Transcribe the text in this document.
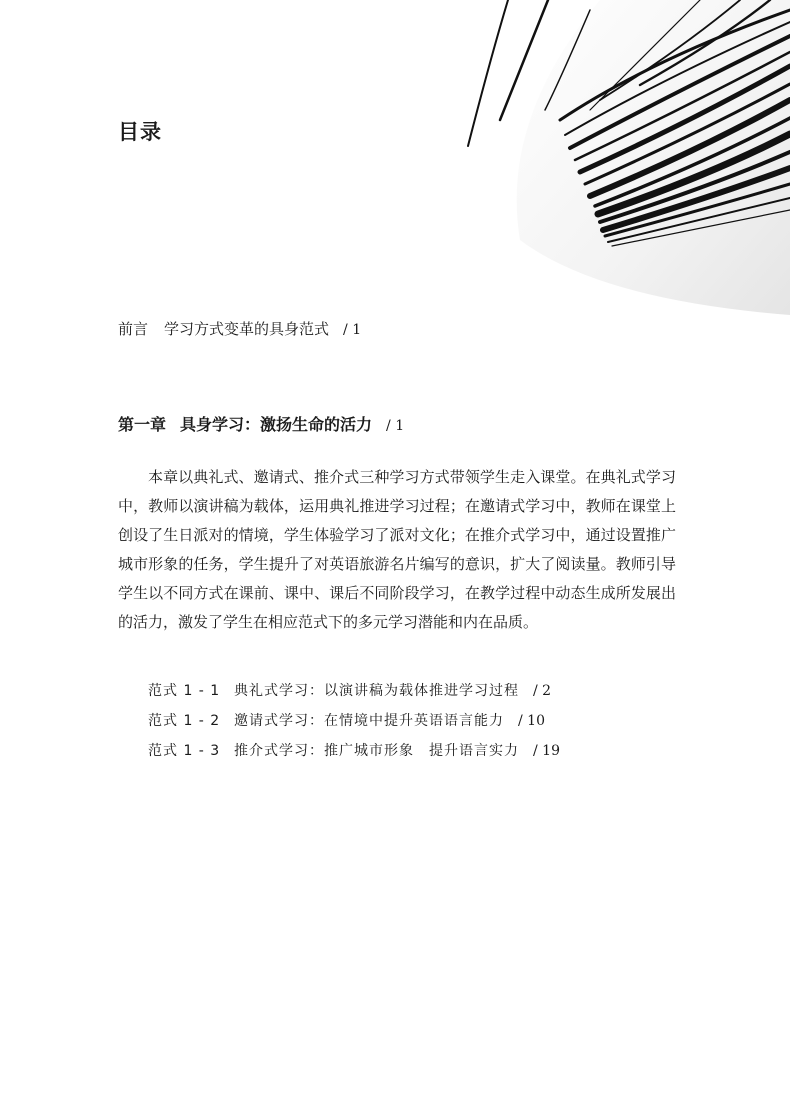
目录
前言 学习方式变革的具身范式 / 1
第一章 具身学习：激扬生命的活力 / 1

本章以典礼式、邀请式、推介式三种学习方式带领学生走入课堂。在典礼式学习中，教师以演讲稿为载体，运用典礼推进学习过程；在邀请式学习中，教师在课堂上创设了生日派对的情境，学生体验学习了派对文化；在推介式学习中，通过设置推广城市形象的任务，学生提升了对英语旅游名片编写的意识，扩大了阅读量。教师引导学生以不同方式在课前、课中、课后不同阶段学习，在教学过程中动态生成所发展出的活力，激发了学生在相应范式下的多元学习潜能和内在品质。

范式 1 - 1 典礼式学习：以演讲稿为载体推进学习过程 / 2
范式 1 - 2 邀请式学习：在情境中提升英语语言能力 / 10
范式 1 - 3 推介式学习：推广城市形象　提升语言实力 / 19
